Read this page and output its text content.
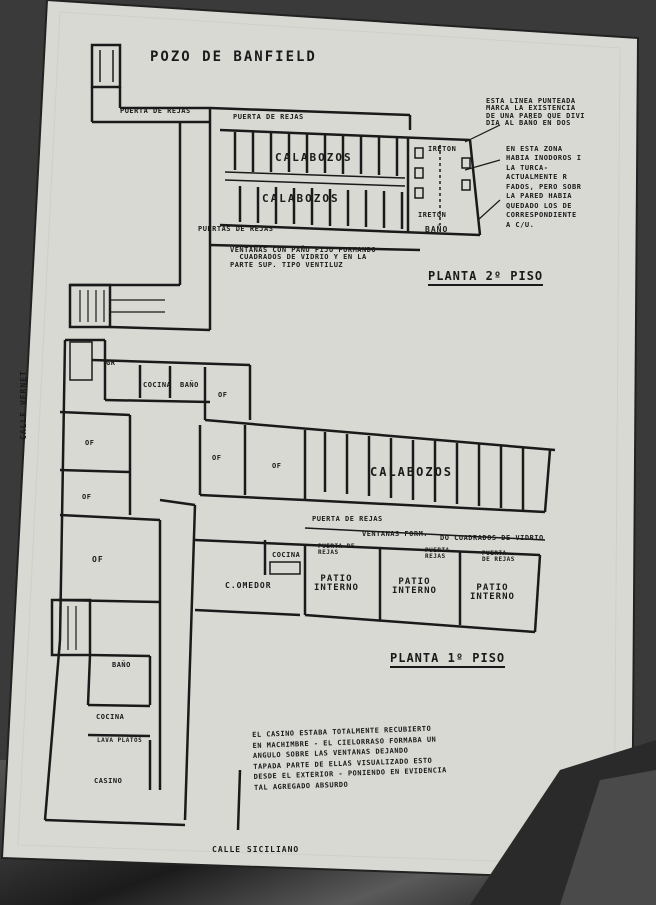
POZO DE BANFIELD
PUERTA DE REJAS
PUERTA DE REJAS
CALABOZOS
CALABOZOS
IRETON
IRETON
BAÑO
PUERTAS DE REJAS
ESTA LINEA PUNTEADA
MARCA LA EXISTENCIA
DE UNA PARED QUE DIVI
DIA AL BAÑO EN DOS
EN ESTA ZONA
HABIA INODOROS I
LA TURCA-
ACTUALMENTE R
FADOS, PERO SOBR
LA PARED HABIA
QUEDADO LOS DE
CORRESPONDIENTE
A C/U.
VENTANAS CON PAÑO FIJO FORMANDO
CUADRADOS DE VIDRIO Y EN LA
PARTE SUP. TIPO VENTILUZ
PLANTA 2º PISO
CALLE VERNET
GR
COCINA BAÑO
OF
OF
OF
OF
OF
OF
CALABOZOS
PUERTA DE REJAS
VENTANAS FORM. DO CUADRADOS DE VIDRIO
PUERTA DE
REJAS	PUERTA
REJAS	PUERTA
DE REJAS
COCINA
C.OMEDOR
PATIO
INTERNO
PATIO
INTERNO	PATIO
INTERNO
PLANTA 1º PISO
BAÑO
COCINA
LAVA PLATOS
CASINO
CALLE SICILIANO
EL CASINO ESTABA TOTALMENTE RECUBIERTO
EN MACHIMBRE - EL CIELORRASO FORMABA UN
ANGULO SOBRE LAS VENTANAS DEJANDO
TAPADA PARTE DE ELLAS VISUALIZADO ESTO
DESDE EL EXTERIOR - PONIENDO EN EVIDENCIA
TAL AGREGADO ABSURDO
